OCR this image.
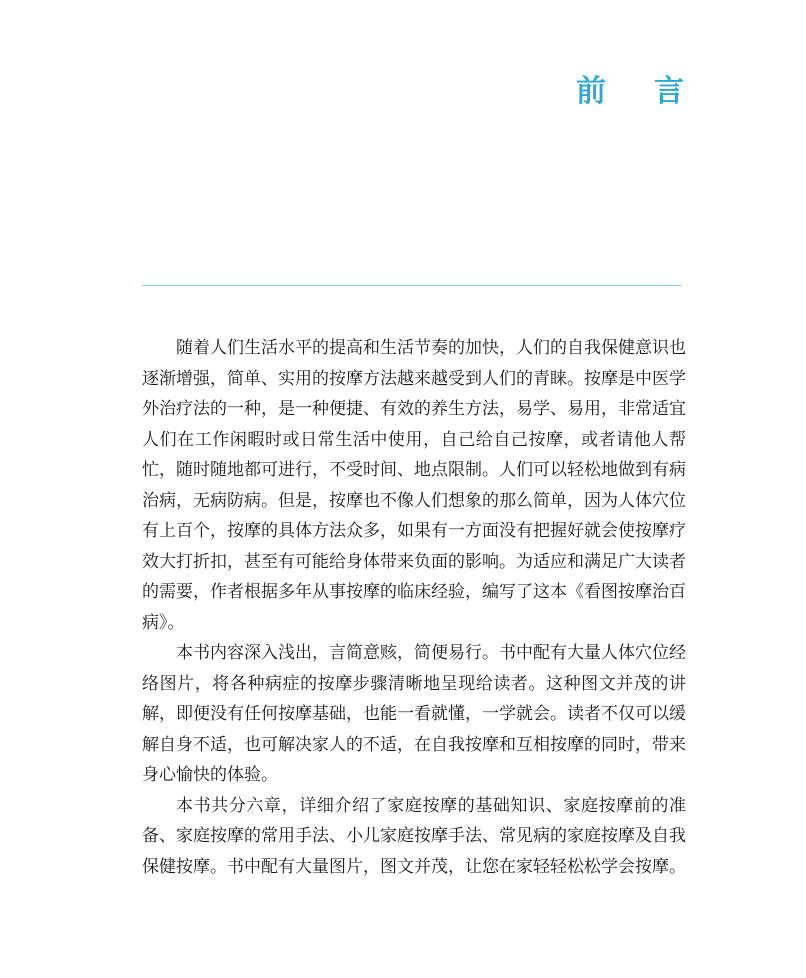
前言

随着人们生活水平的提高和生活节奏的加快，人们的自我保健意识也逐渐增强，简单、实用的按摩方法越来越受到人们的青睐。按摩是中医学外治疗法的一种，是一种便捷、有效的养生方法，易学、易用，非常适宜人们在工作闲暇时或日常生活中使用，自己给自己按摩，或者请他人帮忙，随时随地都可进行，不受时间、地点限制。人们可以轻松地做到有病治病，无病防病。但是，按摩也不像人们想象的那么简单，因为人体穴位有上百个，按摩的具体方法众多，如果有一方面没有把握好就会使按摩疗效大打折扣，甚至有可能给身体带来负面的影响。为适应和满足广大读者的需要，作者根据多年从事按摩的临床经验，编写了这本《看图按摩治百病》。

本书内容深入浅出，言简意赅，简便易行。书中配有大量人体穴位经络图片，将各种病症的按摩步骤清晰地呈现给读者。这种图文并茂的讲解，即便没有任何按摩基础，也能一看就懂，一学就会。读者不仅可以缓解自身不适，也可解决家人的不适，在自我按摩和互相按摩的同时，带来身心愉快的体验。

本书共分六章，详细介绍了家庭按摩的基础知识、家庭按摩前的准备、家庭按摩的常用手法、小儿家庭按摩手法、常见病的家庭按摩及自我保健按摩。书中配有大量图片，图文并茂，让您在家轻轻松松学会按摩。
